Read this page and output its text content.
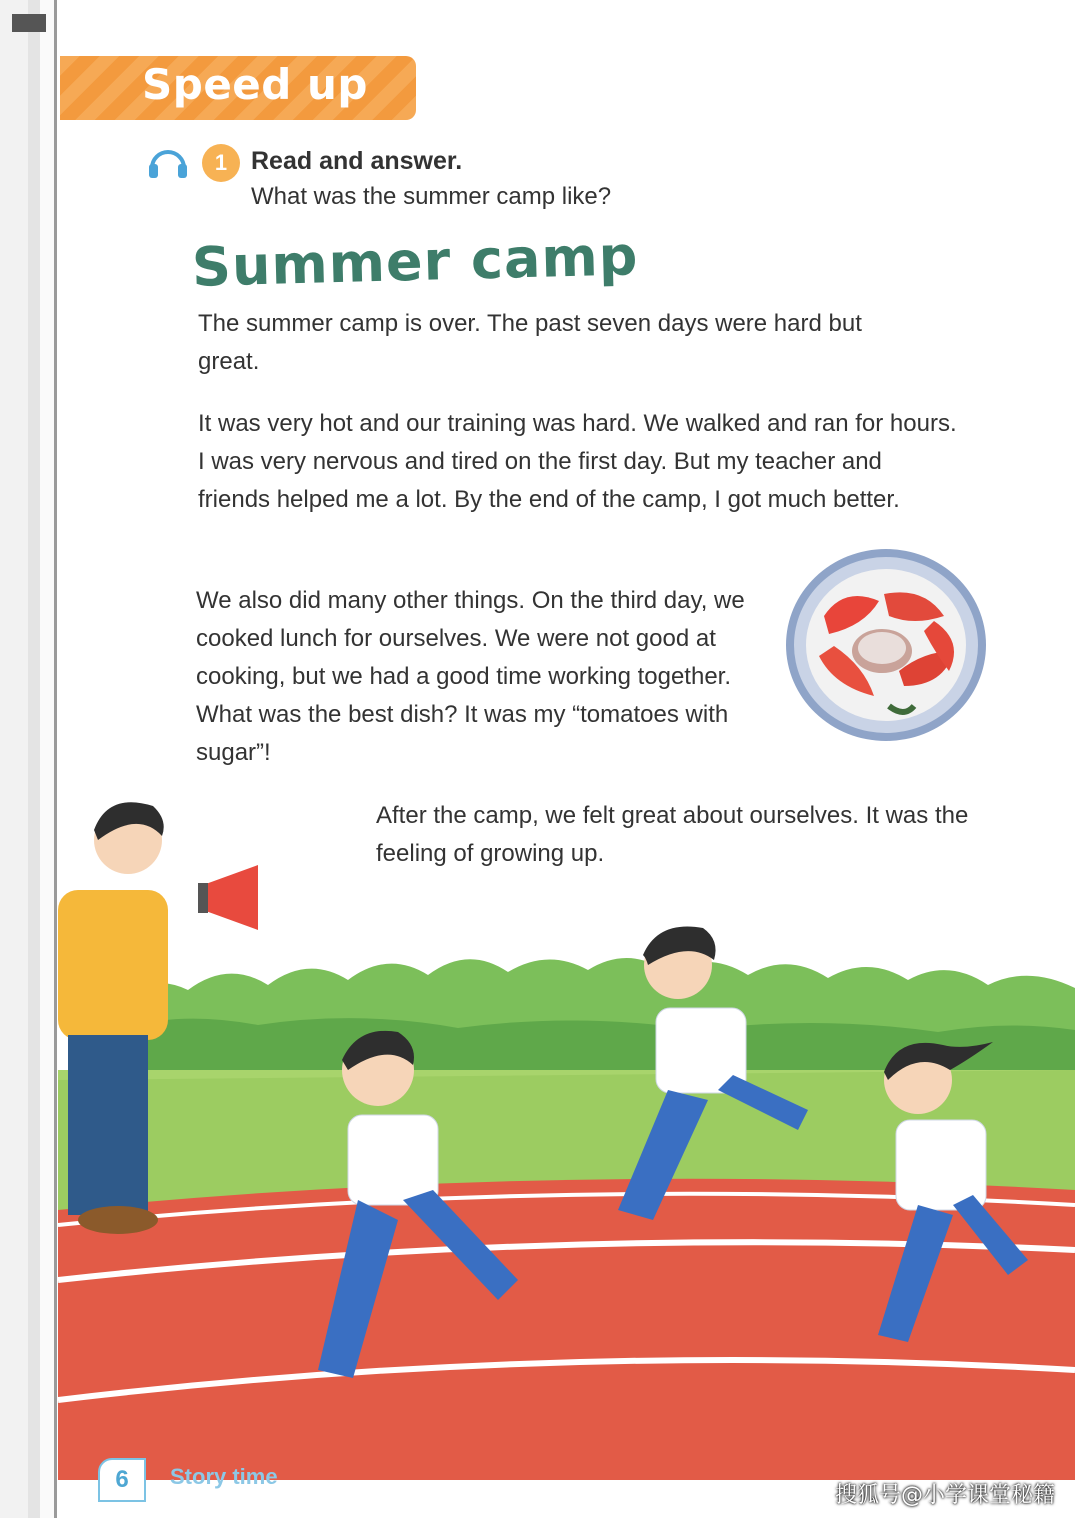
Speed up
1 Read and answer.
What was the summer camp like?
Summer camp

The summer camp is over. The past seven days were hard but great.

It was very hot and our training was hard. We walked and ran for hours. I was very nervous and tired on the first day. But my teacher and friends helped me a lot. By the end of the camp, I got much better.

We also did many other things. On the third day, we cooked lunch for ourselves. We were not good at cooking, but we had a good time working together. What was the best dish? It was my “tomatoes with sugar”!

After the camp, we felt great about ourselves. It was the feeling of growing up.

6	Story time
搜狐号@小学课堂秘籍
